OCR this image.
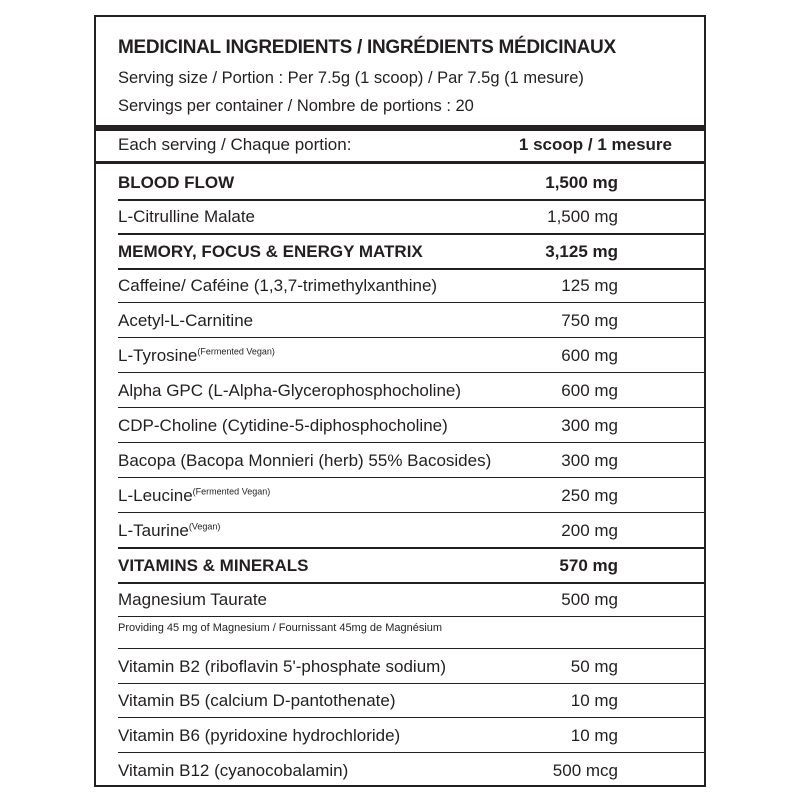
MEDICINAL INGREDIENTS / INGRÉDIENTS MÉDICINAUX
Serving size / Portion : Per 7.5g (1 scoop) / Par 7.5g (1 mesure)
Servings per container / Nombre de portions : 20
Each serving / Chaque portion:	1 scoop / 1 mesure
BLOOD FLOW	1,500 mg
L-Citrulline Malate	1,500 mg
MEMORY, FOCUS & ENERGY MATRIX	3,125 mg
Caffeine/ Caféine (1,3,7-trimethylxanthine)	125 mg
Acetyl-L-Carnitine	750 mg
L-Tyrosine$^{(Fermented Vegan)}$	600 mg
Alpha GPC (L-Alpha-Glycerophosphocholine)	600 mg
CDP-Choline (Cytidine-5-diphosphocholine)	300 mg
Bacopa (Bacopa Monnieri (herb) 55% Bacosides)	300 mg
L-Leucine$^{(Fermented Vegan)}$	250 mg
L-Taurine$^{(Vegan)}$	200 mg
VITAMINS & MINERALS	570 mg
Magnesium Taurate	500 mg
Providing 45 mg of Magnesium / Fournissant 45mg de Magnésium
Vitamin B2 (riboflavin 5'-phosphate sodium)	50 mg
Vitamin B5 (calcium D-pantothenate)	10 mg
Vitamin B6 (pyridoxine hydrochloride)	10 mg
Vitamin B12 (cyanocobalamin)	500 mcg
